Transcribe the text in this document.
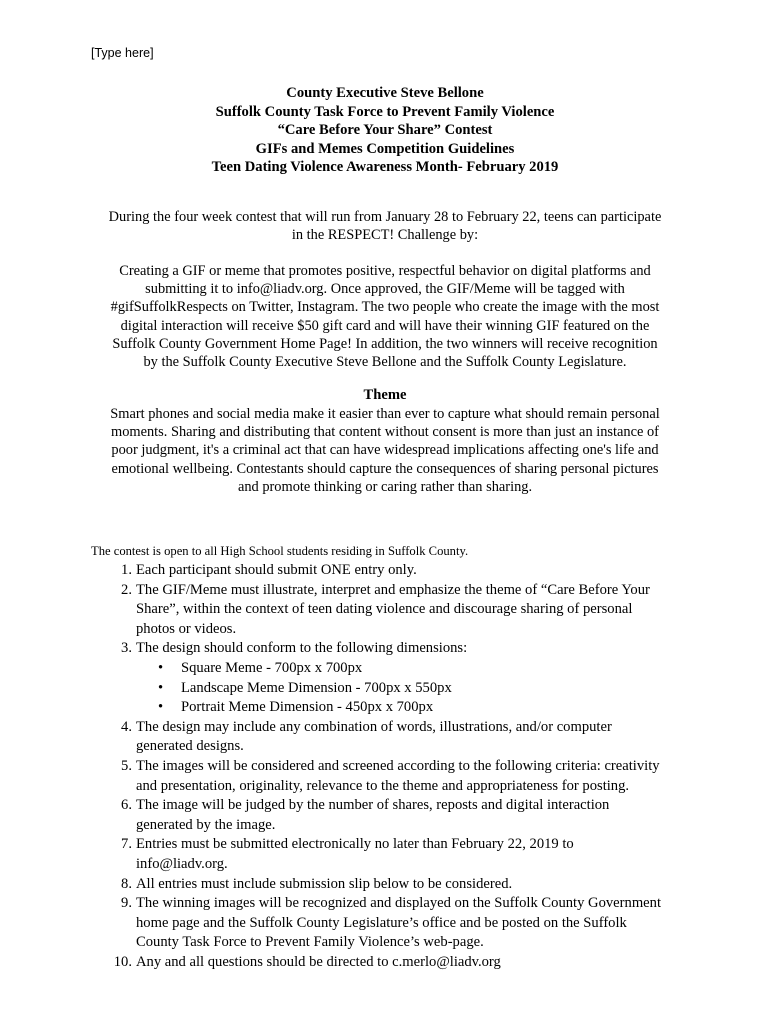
[Type here]
County Executive Steve Bellone
Suffolk County Task Force to Prevent Family Violence
“Care Before Your Share” Contest
GIFs and Memes Competition Guidelines
Teen Dating Violence Awareness Month- February 2019
During the four week contest that will run from January 28 to February 22, teens can participate
in the RESPECT! Challenge by:
Creating a GIF or meme that promotes positive, respectful behavior on digital platforms and
submitting it to info@liadv.org. Once approved, the GIF/Meme will be tagged with
#gifSuffolkRespects on Twitter, Instagram. The two people who create the image with the most
digital interaction will receive $50 gift card and will have their winning GIF featured on the
Suffolk County Government Home Page! In addition, the two winners will receive recognition
by the Suffolk County Executive Steve Bellone and the Suffolk County Legislature.
Theme
Smart phones and social media make it easier than ever to capture what should remain personal
moments. Sharing and distributing that content without consent is more than just an instance of
poor judgment, it's a criminal act that can have widespread implications affecting one's life and
emotional wellbeing. Contestants should capture the consequences of sharing personal pictures
and promote thinking or caring rather than sharing.
The contest is open to all High School students residing in Suffolk County.
1. Each participant should submit ONE entry only.
2. The GIF/Meme must illustrate, interpret and emphasize the theme of “Care Before Your
Share”, within the context of teen dating violence and discourage sharing of personal
photos or videos.
3. The design should conform to the following dimensions:
• Square Meme - 700px x 700px
• Landscape Meme Dimension - 700px x 550px
• Portrait Meme Dimension - 450px x 700px
4. The design may include any combination of words, illustrations, and/or computer
generated designs.
5. The images will be considered and screened according to the following criteria: creativity
and presentation, originality, relevance to the theme and appropriateness for posting.
6. The image will be judged by the number of shares, reposts and digital interaction
generated by the image.
7. Entries must be submitted electronically no later than February 22, 2019 to
info@liadv.org.
8. All entries must include submission slip below to be considered.
9. The winning images will be recognized and displayed on the Suffolk County Government
home page and the Suffolk County Legislature’s office and be posted on the Suffolk
County Task Force to Prevent Family Violence’s web-page.
10. Any and all questions should be directed to c.merlo@liadv.org
